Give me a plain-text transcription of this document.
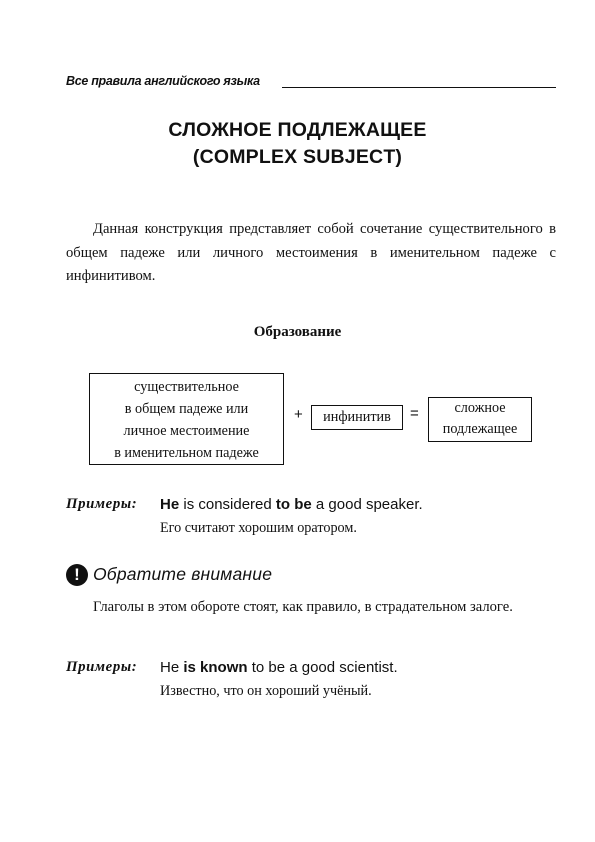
Все правила английского языка
СЛОЖНОЕ ПОДЛЕЖАЩЕЕ
(COMPLEX SUBJECT)

Данная конструкция представляет собой сочетание существительного в общем падеже или личного местоимения в именительном падеже с инфинитивом.

Образование
существительное
в общем падеже или
личное местоимение
в именительном падеже
+	инфинитив	=	сложное
подлежащее
Примеры: He is considered to be a good speaker.
Его считают хорошим оратором.
! Обратите внимание

Глаголы в этом обороте стоят, как правило, в страдательном залоге.

Примеры: He is known to be a good scientist.
Известно, что он хороший учёный.
